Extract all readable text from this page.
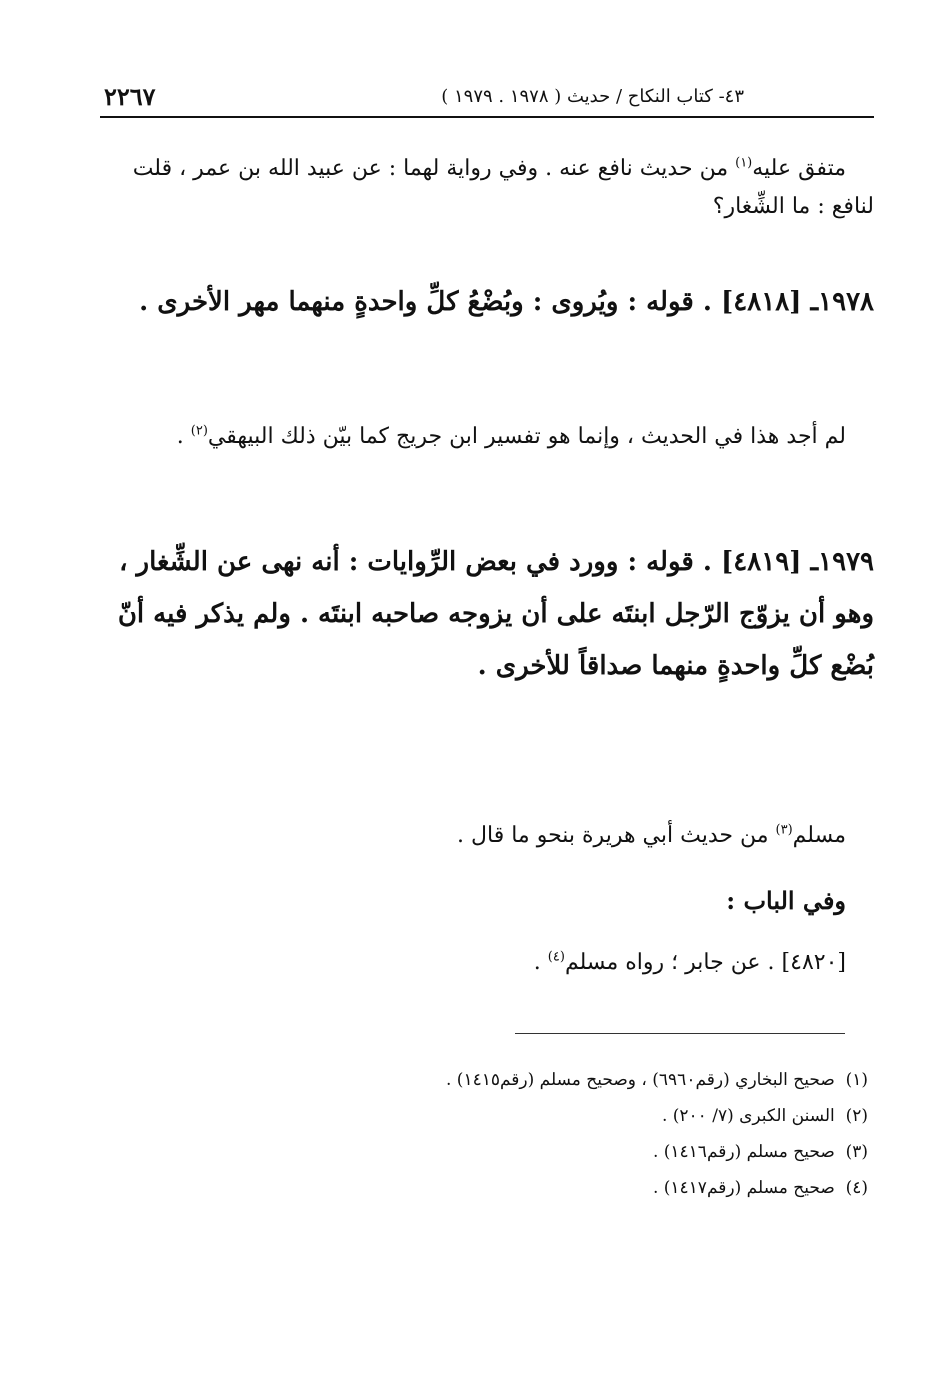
٢٢٦٧	٤٣- كتاب النكاح / حديث ( ١٩٧٨ . ١٩٧٩ )
متفق عليه$^{(١)}$ من حديث نافع عنه . وفي رواية لهما : عن عبيد الله بن عمر ، قلت لنافع : ما الشِّغار؟
١٩٧٨ـ [٤٨١٨] . قوله : ويُروى : وبُضْعُ كلِّ واحدةٍ منهما مهر الأخرى .
لم أجد هذا في الحديث ، وإنما هو تفسير ابن جريج كما بيّن ذلك البيهقي$^{(٢)}$ .
١٩٧٩ـ [٤٨١٩] . قوله : وورد في بعض الرِّوايات : أنه نهى عن الشِّغار ، وهو أن يزوّج الرّجل ابنتَه على أن يزوجه صاحبه ابنتَه . ولم يذكر فيه أنّ بُضْع كلِّ واحدةٍ منهما صداقاً للأخرى .
مسلم$^{(٣)}$ من حديث أبي هريرة بنحو ما قال .
وفي الباب :
[٤٨٢٠] . عن جابر ؛ رواه مسلم$^{(٤)}$ .
(١)  صحيح البخاري (رقم٦٩٦٠) ، وصحيح مسلم (رقم١٤١٥) .
(٢)  السنن الكبرى (٧/ ٢٠٠) .
(٣)  صحيح مسلم (رقم١٤١٦) .
(٤)  صحيح مسلم (رقم١٤١٧) .
